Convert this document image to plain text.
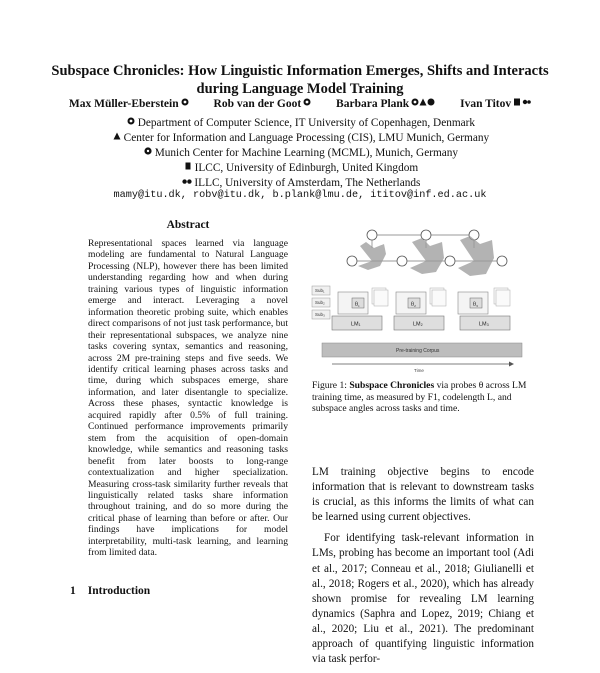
Subspace Chronicles: How Linguistic Information Emerges, Shifts and Interacts during Language Model Training
Max Müller-Eberstein	Rob van der Goot	Barbara Plank	Ivan Titov
Department of Computer Science, IT University of Copenhagen, Denmark
Center for Information and Language Processing (CIS), LMU Munich, Germany
Munich Center for Machine Learning (MCML), Munich, Germany
ILCC, University of Edinburgh, United Kingdom
ILLC, University of Amsterdam, The Netherlands
mamy@itu.dk, robv@itu.dk, b.plank@lmu.de, ititov@inf.ed.ac.uk
Abstract
Representational spaces learned via language modeling are fundamental to Natural Language Processing (NLP), however there has been limited understanding regarding how and when during training various types of linguistic information emerge and interact. Leveraging a novel information theoretic probing suite, which enables direct comparisons of not just task performance, but their representational subspaces, we analyze nine tasks covering syntax, semantics and reasoning, across 2M pre-training steps and five seeds. We identify critical learning phases across tasks and time, during which subspaces emerge, share information, and later disentangle to specialize. Across these phases, syntactic knowledge is acquired rapidly after 0.5% of full training. Continued performance improvements primarily stem from the acquisition of open-domain knowledge, while semantics and reasoning tasks benefit from later boosts to long-range contextualization and higher specialization. Measuring cross-task similarity further reveals that linguistically related tasks share information throughout training, and do so more during the critical phase of learning than before or after. Our findings have implications for model interpretability, multi-task learning, and learning from limited data.
1 Introduction
Sub₁
Sub₂
Sub₃
θ₁	θ₂	θ₃
LM₁	LM₂	LM₃
Pre-training Corpus
Time
Figure 1: Subspace Chronicles via probes θ across LM training time, as measured by F1, codelength L, and subspace angles across tasks and time.

LM training objective begins to encode information that is relevant to downstream tasks is crucial, as this informs the limits of what can be learned using current objectives.

For identifying task-relevant information in LMs, probing has become an important tool (Adi et al., 2017; Conneau et al., 2018; Giulianelli et al., 2018; Rogers et al., 2020), which has already shown promise for revealing LM learning dynamics (Saphra and Lopez, 2019; Chiang et al., 2020; Liu et al., 2021). The predominant approach of quantifying linguistic information via task perfor-
